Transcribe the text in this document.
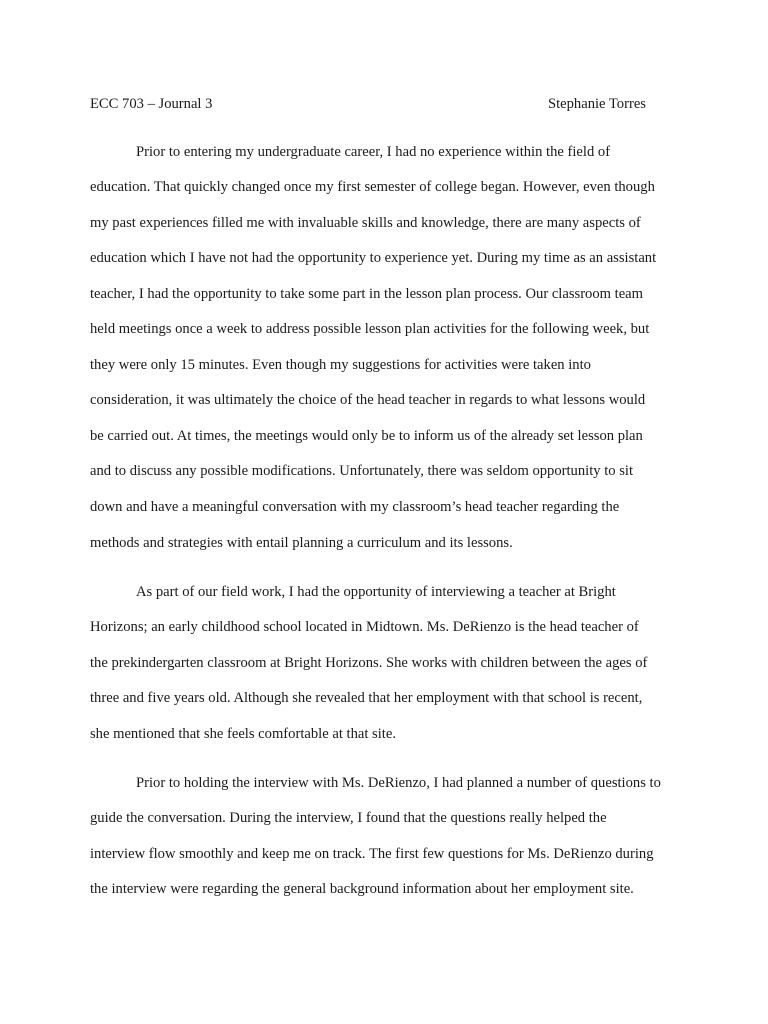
ECC 703 – Journal 3	Stephanie Torres
Prior to entering my undergraduate career, I had no experience within the field of
education. That quickly changed once my first semester of college began. However, even though
my past experiences filled me with invaluable skills and knowledge, there are many aspects of
education which I have not had the opportunity to experience yet. During my time as an assistant
teacher, I had the opportunity to take some part in the lesson plan process. Our classroom team
held meetings once a week to address possible lesson plan activities for the following week, but
they were only 15 minutes. Even though my suggestions for activities were taken into
consideration, it was ultimately the choice of the head teacher in regards to what lessons would
be carried out. At times, the meetings would only be to inform us of the already set lesson plan
and to discuss any possible modifications. Unfortunately, there was seldom opportunity to sit
down and have a meaningful conversation with my classroom’s head teacher regarding the
methods and strategies with entail planning a curriculum and its lessons.
As part of our field work, I had the opportunity of interviewing a teacher at Bright
Horizons; an early childhood school located in Midtown. Ms. DeRienzo is the head teacher of
the prekindergarten classroom at Bright Horizons. She works with children between the ages of
three and five years old. Although she revealed that her employment with that school is recent,
she mentioned that she feels comfortable at that site.
Prior to holding the interview with Ms. DeRienzo, I had planned a number of questions to
guide the conversation. During the interview, I found that the questions really helped the
interview flow smoothly and keep me on track. The first few questions for Ms. DeRienzo during
the interview were regarding the general background information about her employment site.
